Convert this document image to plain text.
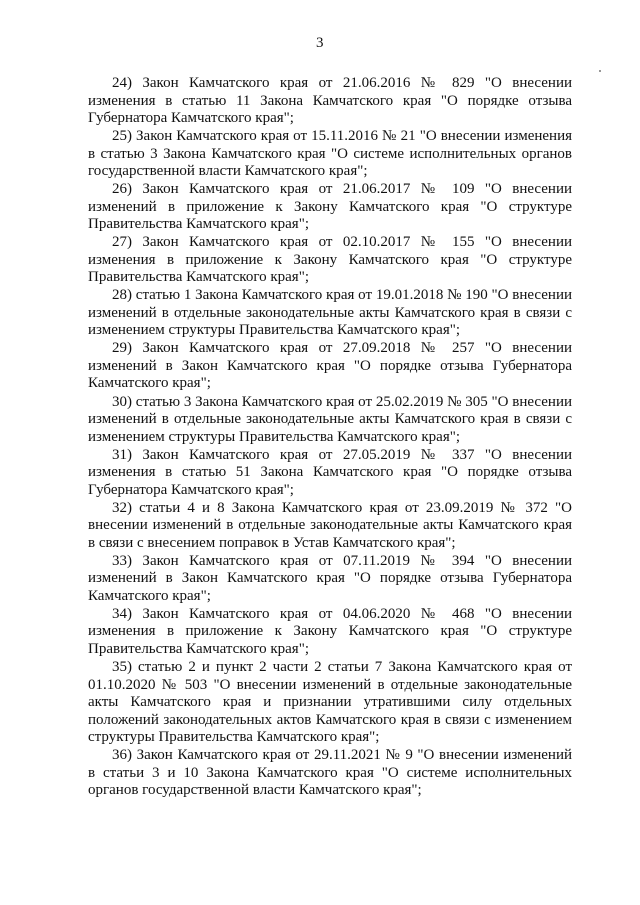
3

24) Закон Камчатского края от 21.06.2016 № 829 "О внесении изменения в статью 11 Закона Камчатского края "О порядке отзыва Губернатора Камчатского края";

25) Закон Камчатского края от 15.11.2016 № 21 "О внесении изменения в статью 3 Закона Камчатского края "О системе исполнительных органов государственной власти Камчатского края";

26) Закон Камчатского края от 21.06.2017 № 109 "О внесении изменений в приложение к Закону Камчатского края "О структуре Правительства Камчатского края";

27) Закон Камчатского края от 02.10.2017 № 155 "О внесении изменения в приложение к Закону Камчатского края "О структуре Правительства Камчатского края";

28) статью 1 Закона Камчатского края от 19.01.2018 № 190 "О внесении изменений в отдельные законодательные акты Камчатского края в связи с изменением структуры Правительства Камчатского края";

29) Закон Камчатского края от 27.09.2018 № 257 "О внесении изменений в Закон Камчатского края "О порядке отзыва Губернатора Камчатского края";

30) статью 3 Закона Камчатского края от 25.02.2019 № 305 "О внесении изменений в отдельные законодательные акты Камчатского края в связи с изменением структуры Правительства Камчатского края";

31) Закон Камчатского края от 27.05.2019 № 337 "О внесении изменения в статью 51 Закона Камчатского края "О порядке отзыва Губернатора Камчатского края";

32) статьи 4 и 8 Закона Камчатского края от 23.09.2019 № 372 "О внесении изменений в отдельные законодательные акты Камчатского края в связи с внесением поправок в Устав Камчатского края";

33) Закон Камчатского края от 07.11.2019 № 394 "О внесении изменений в Закон Камчатского края "О порядке отзыва Губернатора Камчатского края";

34) Закон Камчатского края от 04.06.2020 № 468 "О внесении изменения в приложение к Закону Камчатского края "О структуре Правительства Камчатского края";

35) статью 2 и пункт 2 части 2 статьи 7 Закона Камчатского края от 01.10.2020 № 503 "О внесении изменений в отдельные законодательные акты Камчатского края и признании утратившими силу отдельных положений законодательных актов Камчатского края в связи с изменением структуры Правительства Камчатского края";

36) Закон Камчатского края от 29.11.2021 № 9 "О внесении изменений в статьи 3 и 10 Закона Камчатского края "О системе исполнительных органов государственной власти Камчатского края";
